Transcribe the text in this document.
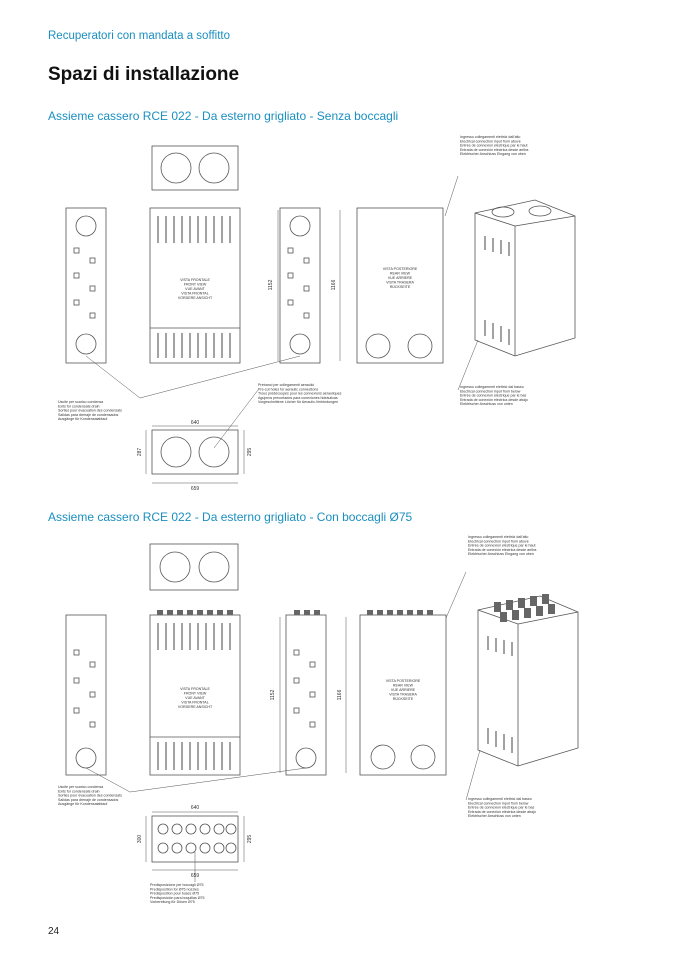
Recuperatori con mandata a soffitto
Spazi di installazione
Assieme cassero RCE 022 - Da esterno grigliato - Senza boccagli
VISTA FRONTALE FRONT VIEW VUE AVANT VISTA FRONTAL VORDERE ANSICHT
VISTA POSTERIORE REAR VIEW VUE ARRIERE VISTA TRASERA RÜCKSEITE
1152	1166
640
659
287	295
Ingresso collegamenti elettrici dall'alto Electrical connection input from above Entrée de connexion électrique par le haut Entrada de conexión eléctrica desde arriba Elektrischer Anschluss Eingang von oben
Ingresso collegamenti elettrici dal basso Electrical connection input from below Entrée de connexion électrique par le bas Entrada de conexión eléctrica desde abajo Elektrischer Anschluss von unten
Uscite per scarico condensa Exits for condensate drain Sorties pour évacuation des condensats Salidas para drenaje de condensados Ausgänge für Kondensatablauf
Pretranci per collegamenti aeraulici Pre-cut holes for aeraulic connections Trous prédécoupés pour les connexions aérauliques Agujeros precortados para conexiones hidráulicas Vorgeschnittene Löcher für Aeraulic-Verbindungen
Assieme cassero RCE 022 - Da esterno grigliato - Con boccagli Ø75
VISTA FRONTALE FRONT VIEW VUE AVANT VISTA FRONTAL VORDERE ANSICHT
VISTA POSTERIORE REAR VIEW VUE ARRIERE VISTA TRASERA RÜCKSEITE
1152	1166
640
659
300	295
Ingresso collegamenti elettrici dall'alto Electrical connection input from above Entrée de connexion électrique par le haut Entrada de conexión eléctrica desde arriba Elektrischer Anschluss Eingang von oben
Ingresso collegamenti elettrici dal basso Electrical connection input from below Entrée de connexion électrique par le bas Entrada de conexión eléctrica desde abajo Elektrischer Anschluss von unten
Uscite per scarico condensa Exits for condensate drain Sorties pour évacuation des condensats Salidas para drenaje de condensados Ausgänge für Kondensatablauf
Predisposizione per boccagli Ø75 Predisposition for Ø75 nozzles Prédisposition pour buses Ø75 Predisposición para boquillas Ø75 Vorbereitung für Düsen Ø75
24
